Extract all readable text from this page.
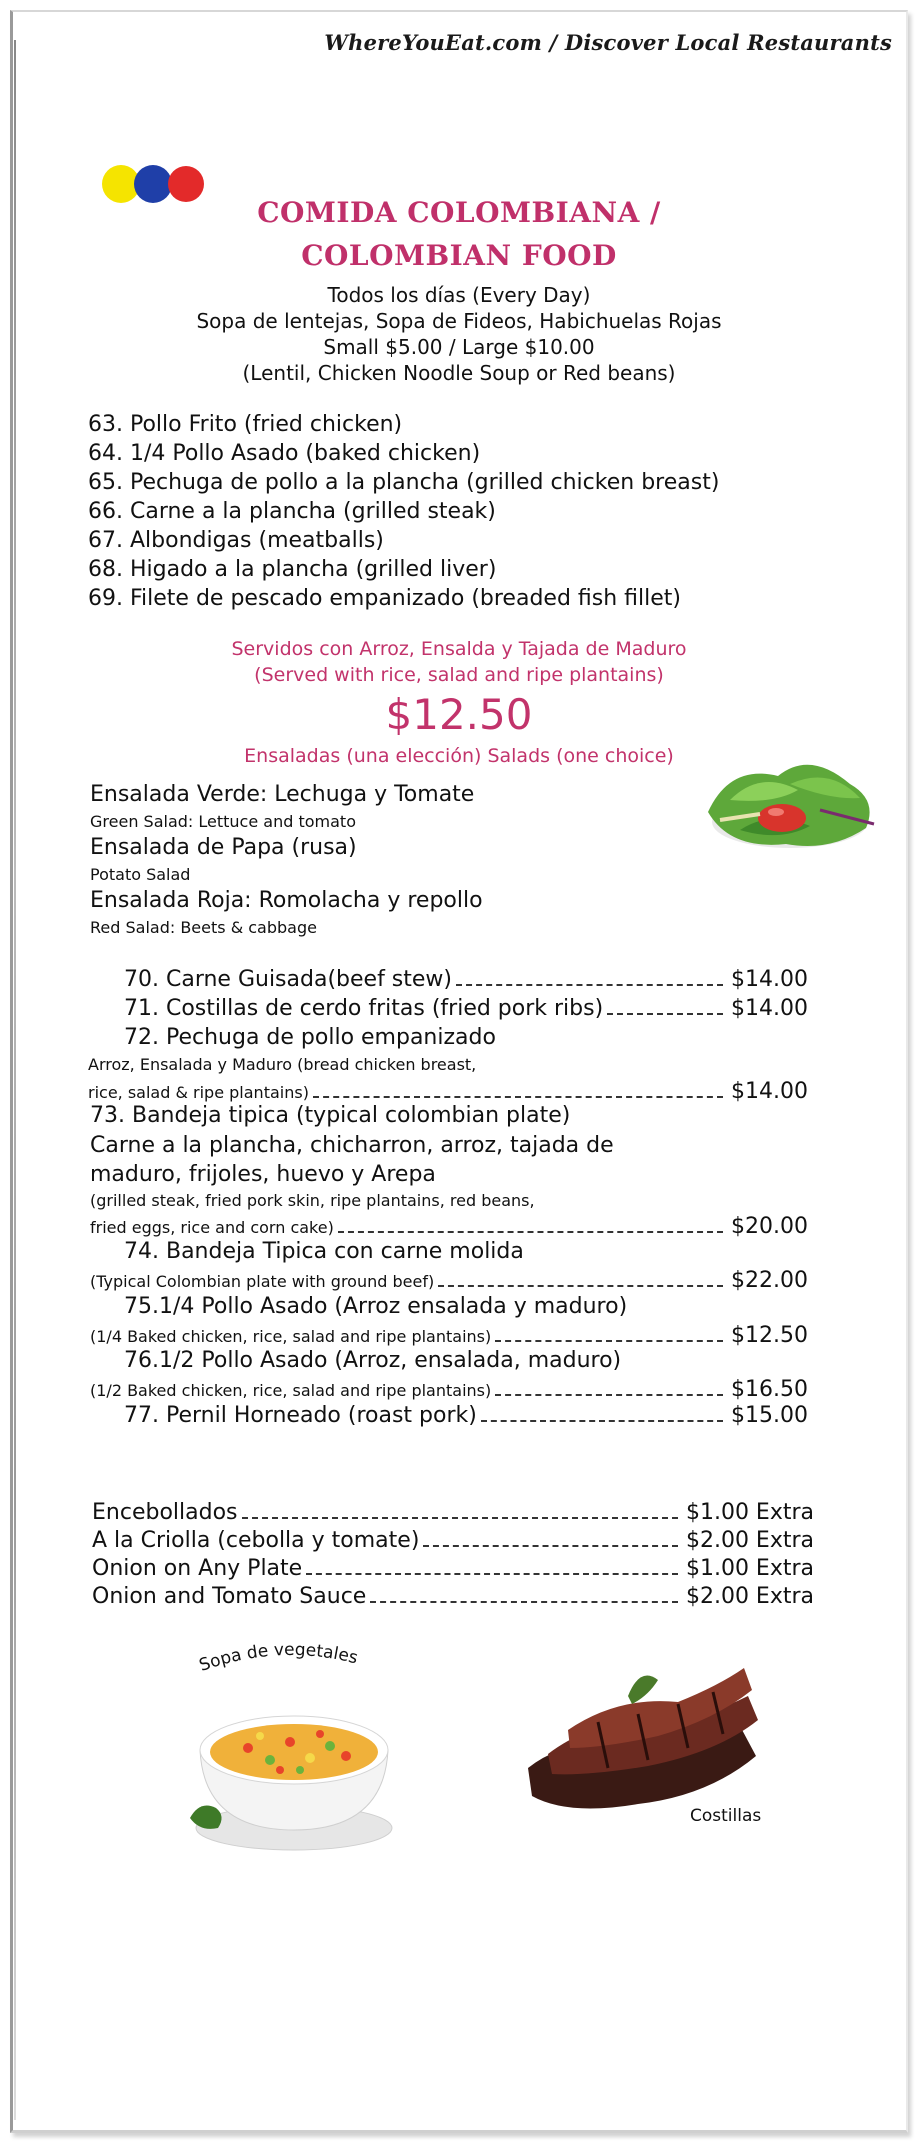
WhereYouEat.com / Discover Local Restaurants
COMIDA COLOMBIANA /
COLOMBIAN FOOD
Todos los días (Every Day)
Sopa de lentejas, Sopa de Fideos, Habichuelas Rojas
Small $5.00 / Large $10.00
(Lentil, Chicken Noodle Soup or Red beans)
63. Pollo Frito (fried chicken)
64. 1/4 Pollo Asado (baked chicken)
65. Pechuga de pollo a la plancha (grilled chicken breast)
66. Carne a la plancha (grilled steak)
67. Albondigas (meatballs)
68. Higado a la plancha (grilled liver)
69. Filete de pescado empanizado (breaded fish fillet)
Servidos con Arroz, Ensalda y Tajada de Maduro
(Served with rice, salad and ripe plantains)
$12.50
Ensaladas (una elección) Salads (one choice)
Ensalada Verde: Lechuga y Tomate
Green Salad: Lettuce and tomato
Ensalada de Papa (rusa)
Potato Salad
Ensalada Roja: Romolacha y repollo
Red Salad: Beets & cabbage
70. Carne Guisada(beef stew)	$14.00
71. Costillas de cerdo fritas (fried pork ribs)	$14.00
72. Pechuga de pollo empanizado
Arroz, Ensalada y Maduro (bread chicken breast,
rice, salad & ripe plantains)	$14.00
73. Bandeja tipica (typical colombian plate)
Carne a la plancha, chicharron, arroz, tajada de
maduro, frijoles, huevo y Arepa
(grilled steak, fried pork skin, ripe plantains, red beans,
fried eggs, rice and corn cake)	$20.00
74. Bandeja Tipica con carne molida
(Typical Colombian plate with ground beef)	$22.00
75.1/4 Pollo Asado (Arroz ensalada y maduro)
(1/4 Baked chicken, rice, salad and ripe plantains)	$12.50
76.1/2 Pollo Asado (Arroz, ensalada, maduro)
(1/2 Baked chicken, rice, salad and ripe plantains)	$16.50
77. Pernil Horneado (roast pork)	$15.00
Encebollados	$1.00 Extra
A la Criolla (cebolla y tomate)	$2.00 Extra
Onion on Any Plate	$1.00 Extra
Onion and Tomato Sauce	$2.00 Extra
Sopa de vegetales
Costillas
